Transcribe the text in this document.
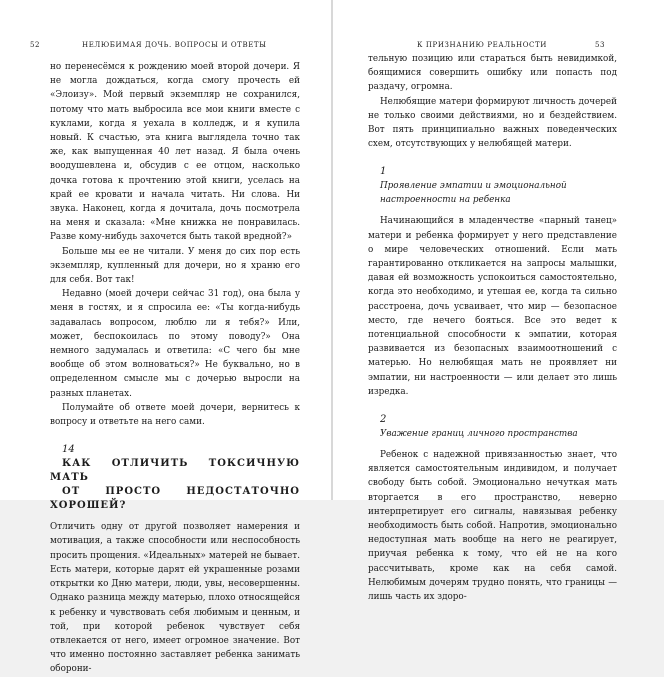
52	НЕЛЮБИМАЯ ДОЧЬ. ВОПРОСЫ И ОТВЕТЫ

но перенесёмся к рождению моей второй дочери. Я не могла дождаться, когда смогу прочесть ей «Элоизу». Мой первый экземпляр не сохранился, потому что мать выбросила все мои книги вместе с куклами, когда я уехала в колледж, и я купила новый. К счастью, эта книга выглядела точно так же, как выпущенная 40 лет назад. Я была очень воодушевлена и, обсудив с ее отцом, насколько дочка готова к прочтению этой книги, уселась на край ее кровати и начала читать. Ни слова. Ни звука. Наконец, когда я дочитала, дочь посмотрела на меня и сказала: «Мне книжка не понравилась. Разве кому-нибудь захочется быть такой вредной?»

Больше мы ее не читали. У меня до сих пор есть экземпляр, купленный для дочери, но я храню его для себя. Вот так!

Недавно (моей дочери сейчас 31 год), она была у меня в гостях, и я спросила ее: «Ты когда-нибудь задавалась вопросом, люблю ли я тебя?» Или, может, беспокоилась по этому поводу?» Она немного задумалась и ответила: «С чего бы мне вообще об этом волноваться?» Не буквально, но в определенном смысле мы с дочерью выросли на разных планетах.

Полумайте об ответе моей дочери, вернитесь к вопросу и ответьте на него сами.

14

КАК ОТЛИЧИТЬ ТОКСИЧНУЮ МАТЬ

ОТ ПРОСТО НЕДОСТАТОЧНО ХОРОШЕЙ?

Отличить одну от другой позволяет намерения и мотивация, а также способности или неспособность просить прощения. «Идеальных» матерей не бывает. Есть матери, которые дарят ей украшенные розами открытки ко Дню матери, люди, увы, несовершенны. Однако разница между матерью, плохо относящейся к ребенку и чувствовать себя любимым и ценным, и той, при которой ребенок чувствует себя отвлекается от него, имеет огромное значение. Вот что именно постоянно заставляет ребенка занимать оборони-

К ПРИЗНАНИЮ РЕАЛЬНОСТИ	53

тельную позицию или стараться быть невидимкой, боящимися совершить ошибку или попасть под раздачу, огромна.

Нелюбящие матери формируют личность дочерей не только своими действиями, но и бездействием. Вот пять принципиально важных поведенческих схем, отсутствующих у нелюбящей матери.

1

Проявление эмпатии и эмоциональной

настроенности на ребенка

Начинающийся в младенчестве «парный танец» матери и ребенка формирует у него представление о мире человеческих отношений. Если мать гарантированно откликается на запросы малышки, давая ей возможность успокоиться самостоятельно, когда это необходимо, и утешая ее, когда та сильно расстроена, дочь усваивает, что мир — безопасное место, где нечего бояться. Все это ведет к потенциальной способности к эмпатии, которая развивается из безопасных взаимоотношений с матерью. Но нелюбящая мать не проявляет ни эмпатии, ни настроенности — или делает это лишь изредка.

2

Уважение границ личного пространства

Ребенок с надежной привязанностью знает, что является самостоятельным индивидом, и получает свободу быть собой. Эмоционально нечуткая мать вторгается в его пространство, неверно интерпретирует его сигналы, навязывая ребенку необходимость быть собой. Напротив, эмоционально недоступная мать вообще на него не реагирует, приучая ребенка к тому, что ей не на кого рассчитывать, кроме как на себя самой. Нелюбимым дочерям трудно понять, что границы — лишь часть их здоро-
